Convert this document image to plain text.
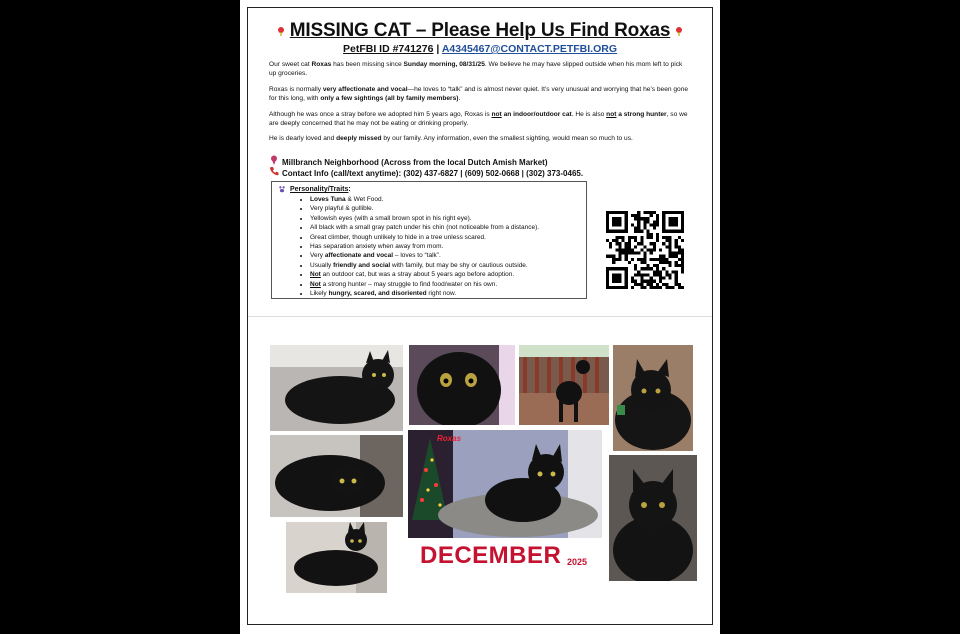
MISSING CAT – Please Help Us Find Roxas
PetFBI ID #741276 | A4345467@CONTACT.PETFBI.ORG
Our sweet cat Roxas has been missing since Sunday morning, 08/31/25. We believe he may have slipped outside when his mom left to pick up groceries.
Roxas is normally very affectionate and vocal—he loves to “talk” and is almost never quiet. It’s very unusual and worrying that he’s been gone for this long, with only a few sightings (all by family members).
Although he was once a stray before we adopted him 5 years ago, Roxas is not an indoor/outdoor cat. He is also not a strong hunter, so we are deeply concerned that he may not be eating or drinking properly.
He is dearly loved and deeply missed by our family. Any information, even the smallest sighting, would mean so much to us.
Millbranch Neighborhood (Across from the local Dutch Amish Market)
Contact Info (call/text anytime): (302) 437-6827 | (609) 502-0668 | (302) 373-0465.
Personality/Traits:
• Loves Tuna & Wet Food.
• Very playful & gullible.
• Yellowish eyes (with a small brown spot in his right eye).
• All black with a small gray patch under his chin (not noticeable from a distance).
• Great climber, though unlikely to hide in a tree unless scared.
• Has separation anxiety when away from mom.
• Very affectionate and vocal – loves to “talk”.
• Usually friendly and social with family, but may be shy or cautious outside.
• Not an outdoor cat, but was a stray about 5 years ago before adoption.
• Not a strong hunter – may struggle to find food/water on his own.
• Likely hungry, scared, and disoriented right now.
Roxas
DECEMBER 2025
